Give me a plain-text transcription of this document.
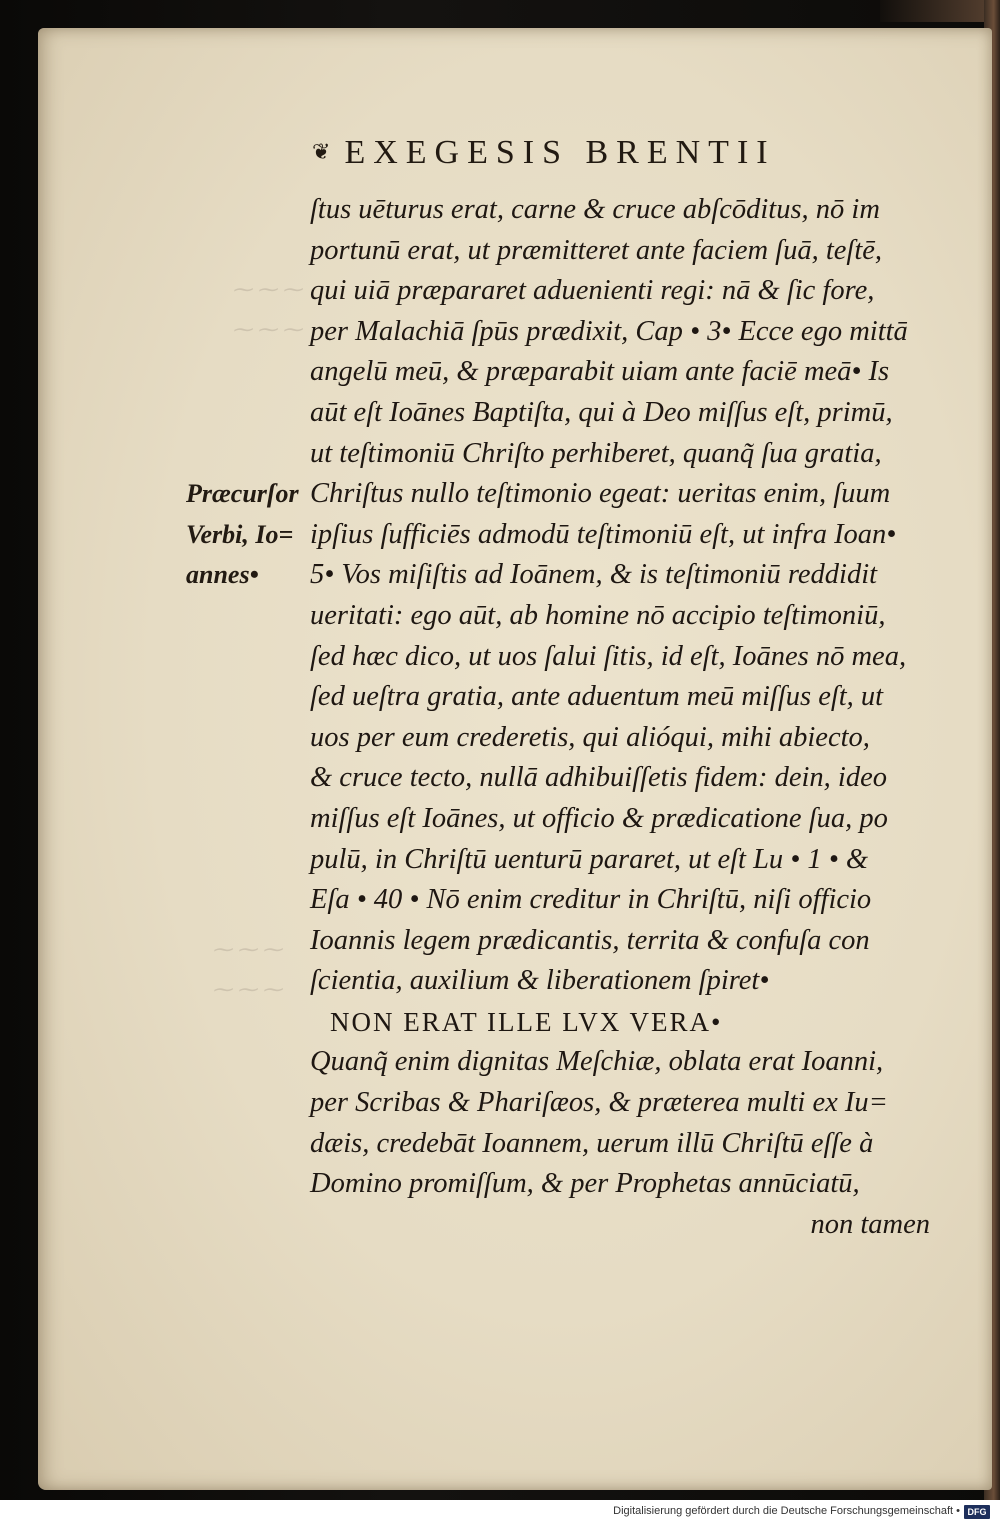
⁓ ⁓ ⁓
⁓ ⁓ ⁓
⁓ ⁓ ⁓
⁓ ⁓ ⁓
❦ EXEGESIS BRENTII
Præcurſor
Verbi, Io=
annes•
ſtus uēturus erat, carne & cruce abſcōditus, nō im
portunū erat, ut præmitteret ante faciem ſuā, teſtē,
qui uiā præpararet aduenienti regi: nā & ſic fore,
per Malachiā ſpūs prædixit, Cap • 3• Ecce ego mittā
angelū meū, & præparabit uiam ante faciē meā• Is
aūt eſt Ioānes Baptiſta, qui à Deo miſſus eſt, primū,
ut teſtimoniū Chriſto perhiberet, quanq̃ ſua gratia,
Chriſtus nullo teſtimonio egeat: ueritas enim, ſuum
ipſius ſufficiēs admodū teſtimoniū eſt, ut infra Ioan•
5• Vos miſiſtis ad Ioānem, & is teſtimoniū reddidit
ueritati: ego aūt, ab homine nō accipio teſtimoniū,
ſed hæc dico, ut uos ſalui ſitis, id eſt, Ioānes nō mea,
ſed ueſtra gratia, ante aduentum meū miſſus eſt, ut
uos per eum crederetis, qui alióqui, mihi abiecto,
& cruce tecto, nullā adhibuiſſetis fidem: dein, ideo
miſſus eſt Ioānes, ut officio & prædicatione ſua, po
pulū, in Chriſtū uenturū pararet, ut eſt Lu • 1 • &
Eſa • 40 • Nō enim creditur in Chriſtū, niſi officio
Ioannis legem prædicantis, territa & confuſa con
ſcientia, auxilium & liberationem ſpiret•
NON ERAT ILLE LVX VERA•
Quanq̃ enim dignitas Meſchiæ, oblata erat Ioanni,
per Scribas & Phariſæos, & præterea multi ex Iu=
dæis, credebāt Ioannem, uerum illū Chriſtū eſſe à
Domino promiſſum, & per Prophetas annūciatū,
non tamen
Digitalisierung gefördert durch die Deutsche Forschungsgemeinschaft • DFG
